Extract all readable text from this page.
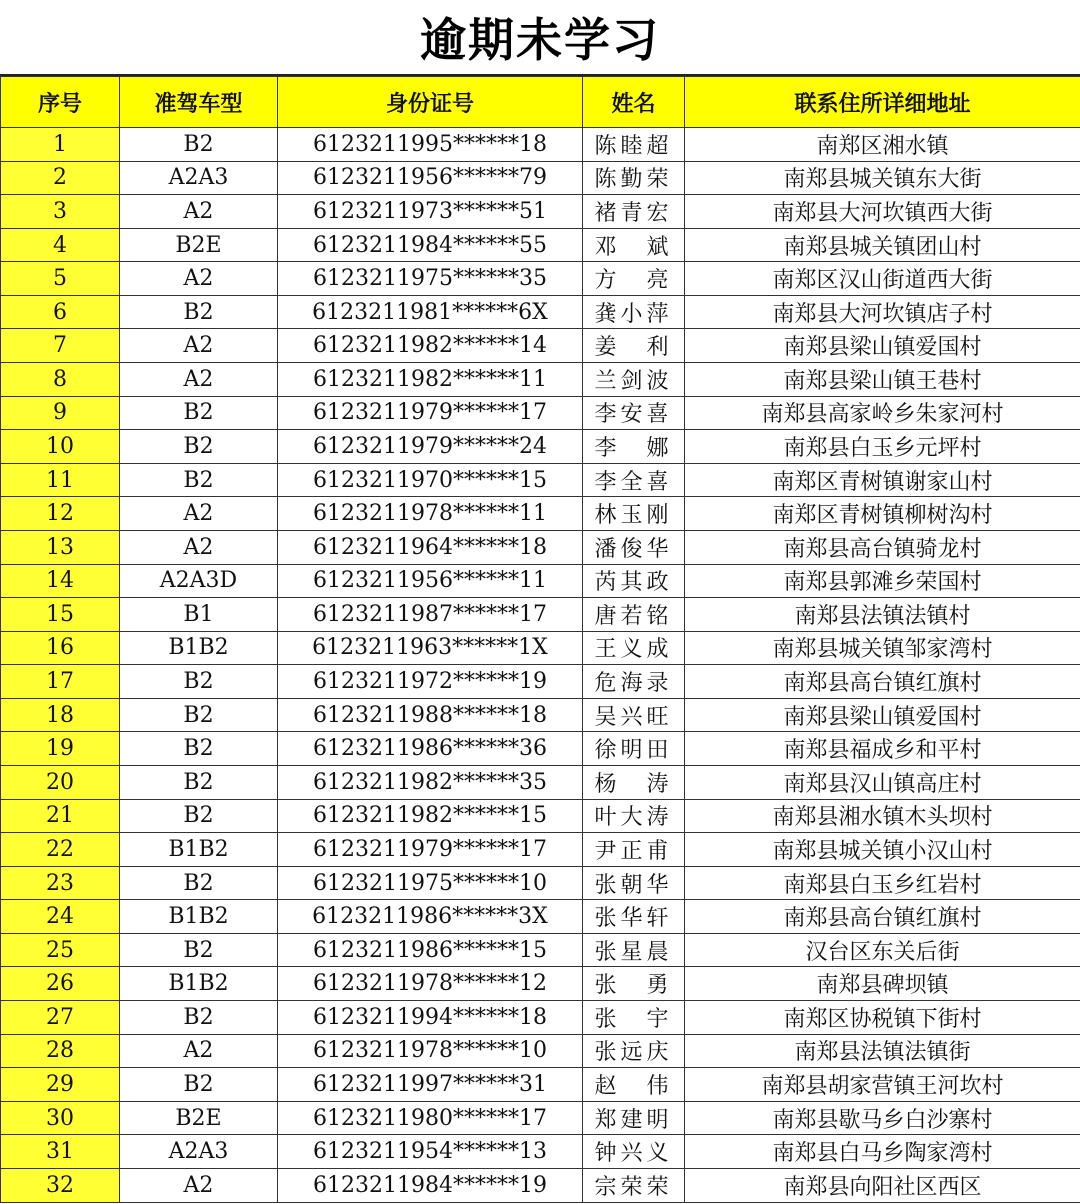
逾期未学习
序号	准驾车型	身份证号	姓名	联系住所详细地址
1	B2	6123211995******18	陈睦超	南郑区湘水镇
2	A2A3	6123211956******79	陈勤荣	南郑县城关镇东大街
3	A2	6123211973******51	褚青宏	南郑县大河坎镇西大街
4	B2E	6123211984******55	邓　斌	南郑县城关镇团山村
5	A2	6123211975******35	方　亮	南郑区汉山街道西大街
6	B2	6123211981******6X	龚小萍	南郑县大河坎镇店子村
7	A2	6123211982******14	姜　利	南郑县梁山镇爱国村
8	A2	6123211982******11	兰剑波	南郑县梁山镇王巷村
9	B2	6123211979******17	李安喜	南郑县高家岭乡朱家河村
10	B2	6123211979******24	李　娜	南郑县白玉乡元坪村
11	B2	6123211970******15	李全喜	南郑区青树镇谢家山村
12	A2	6123211978******11	林玉刚	南郑区青树镇柳树沟村
13	A2	6123211964******18	潘俊华	南郑县高台镇骑龙村
14	A2A3D	6123211956******11	芮其政	南郑县郭滩乡荣国村
15	B1	6123211987******17	唐若铭	南郑县法镇法镇村
16	B1B2	6123211963******1X	王义成	南郑县城关镇邹家湾村
17	B2	6123211972******19	危海录	南郑县高台镇红旗村
18	B2	6123211988******18	吴兴旺	南郑县梁山镇爱国村
19	B2	6123211986******36	徐明田	南郑县福成乡和平村
20	B2	6123211982******35	杨　涛	南郑县汉山镇高庄村
21	B2	6123211982******15	叶大涛	南郑县湘水镇木头坝村
22	B1B2	6123211979******17	尹正甫	南郑县城关镇小汉山村
23	B2	6123211975******10	张朝华	南郑县白玉乡红岩村
24	B1B2	6123211986******3X	张华轩	南郑县高台镇红旗村
25	B2	6123211986******15	张星晨	汉台区东关后街
26	B1B2	6123211978******12	张　勇	南郑县碑坝镇
27	B2	6123211994******18	张　宇	南郑区协税镇下街村
28	A2	6123211978******10	张远庆	南郑县法镇法镇街
29	B2	6123211997******31	赵　伟	南郑县胡家营镇王河坎村
30	B2E	6123211980******17	郑建明	南郑县歇马乡白沙寨村
31	A2A3	6123211954******13	钟兴义	南郑县白马乡陶家湾村
32	A2	6123211984******19	宗荣荣	南郑县向阳社区西区
